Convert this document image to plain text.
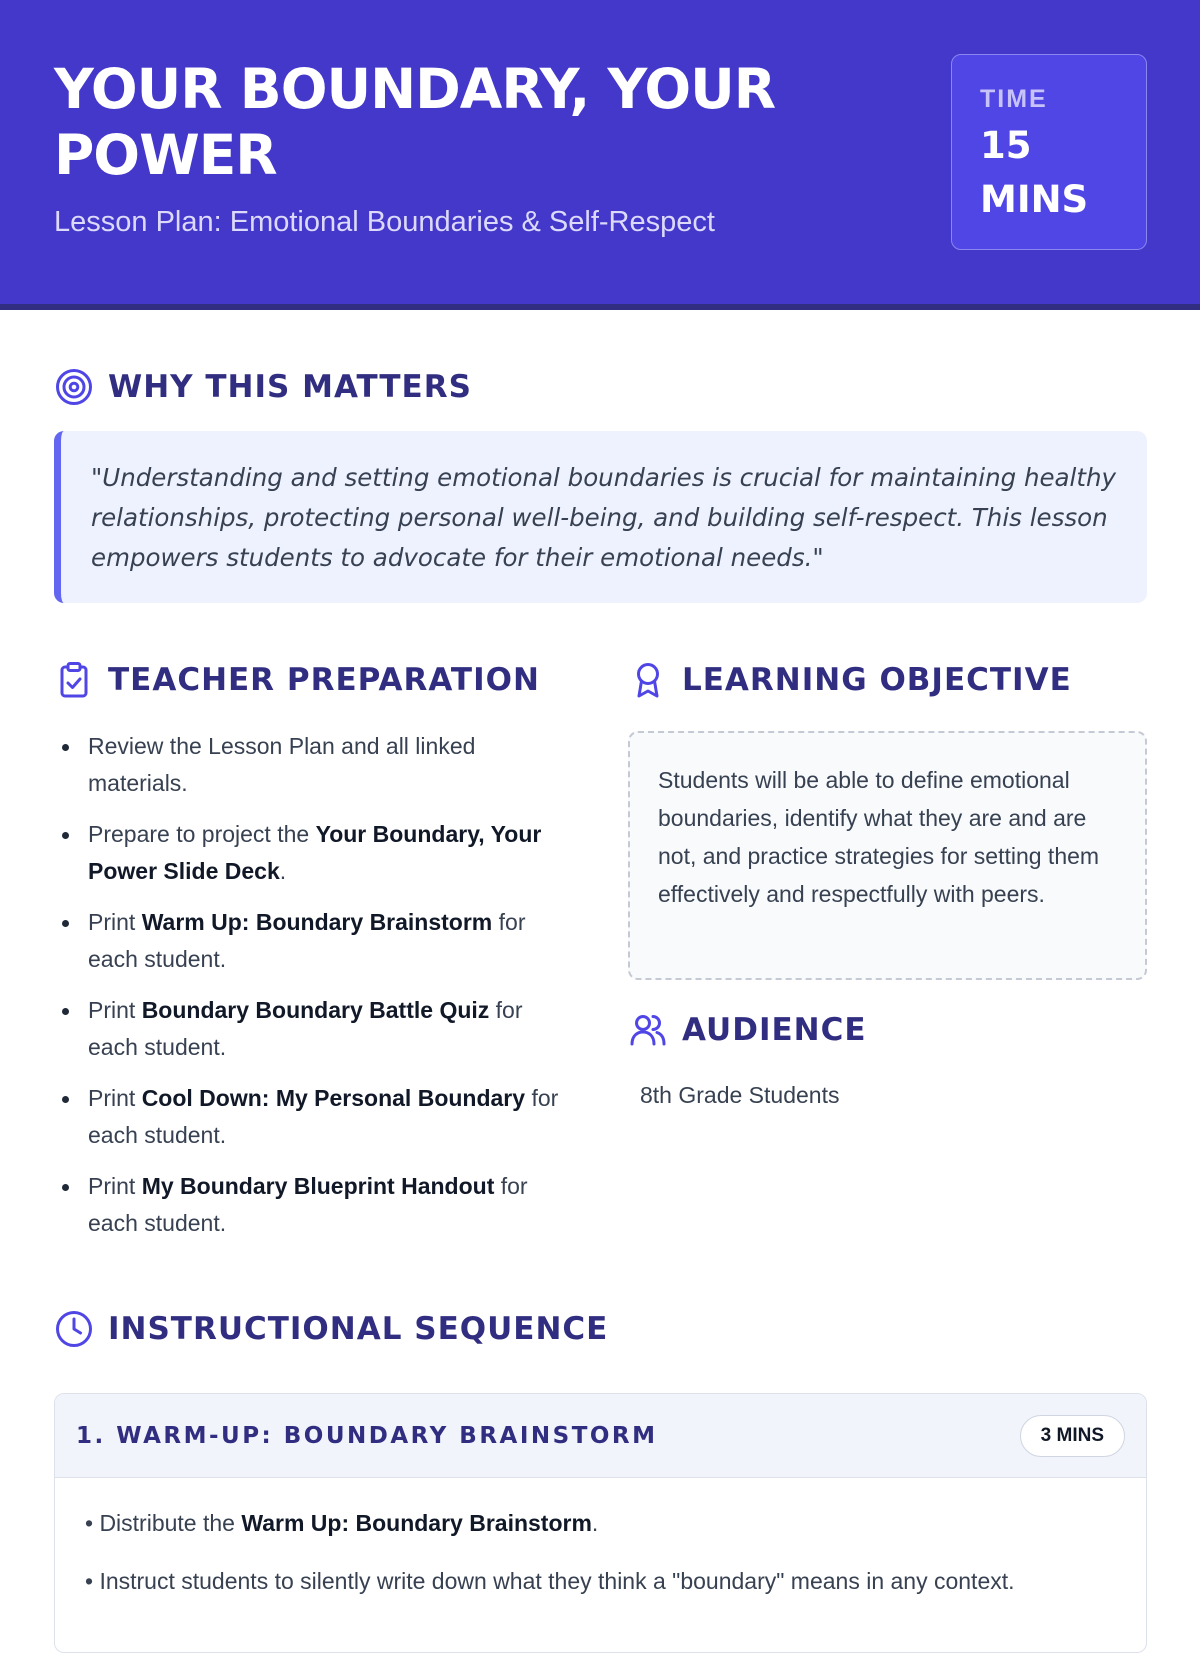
YOUR BOUNDARY, YOUR POWER
Lesson Plan: Emotional Boundaries & Self-Respect
TIME
15 MINS
WHY THIS MATTERS

"Understanding and setting emotional boundaries is crucial for maintaining healthy relationships, protecting personal well-being, and building self-respect. This lesson empowers students to advocate for their emotional needs."

TEACHER PREPARATION
Review the Lesson Plan and all linked materials.
Prepare to project the Your Boundary, Your Power Slide Deck.
Print Warm Up: Boundary Brainstorm for each student.
Print Boundary Boundary Battle Quiz for each student.
Print Cool Down: My Personal Boundary for each student.
Print My Boundary Blueprint Handout for each student.
LEARNING OBJECTIVE

Students will be able to define emotional boundaries, identify what they are and are not, and practice strategies for setting them effectively and respectfully with peers.

AUDIENCE
8th Grade Students
INSTRUCTIONAL SEQUENCE
1. WARM-UP: BOUNDARY BRAINSTORM	3 MINS
• Distribute the Warm Up: Boundary Brainstorm.
• Instruct students to silently write down what they think a "boundary" means in any context.
